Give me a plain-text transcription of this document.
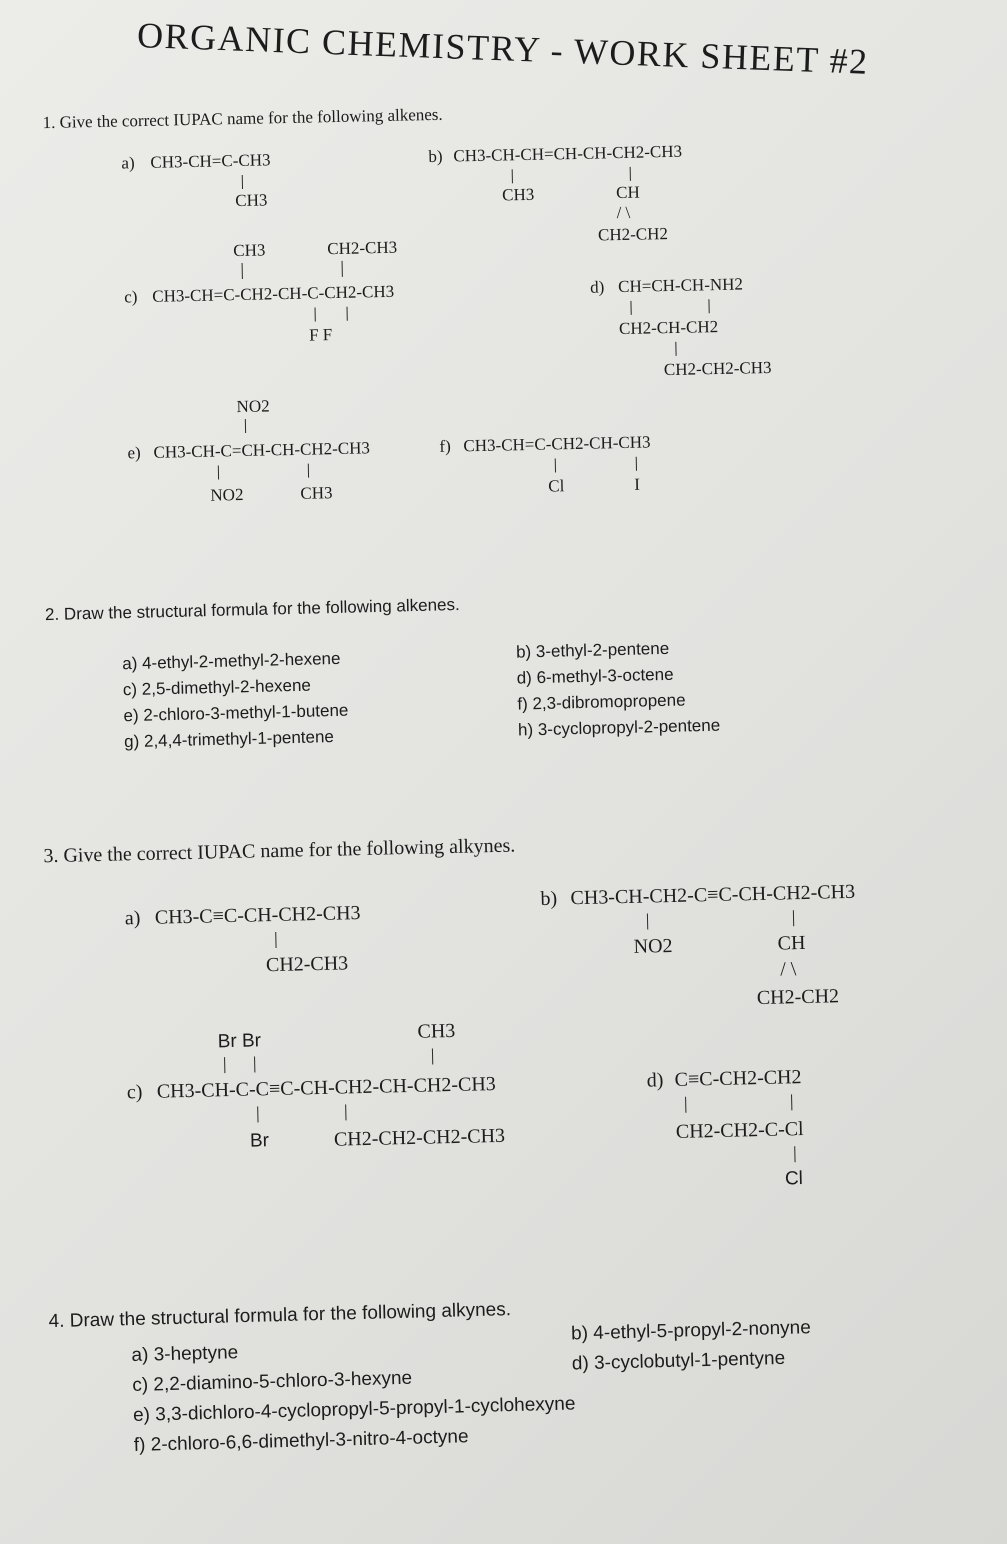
ORGANIC CHEMISTRY - WORK SHEET #2
1. Give the correct IUPAC name for the following alkenes.
a) CH3-CH=C-CH3
CH3
b) CH3-CH-CH=CH-CH-CH2-CH3
CH3	CH
/ \
CH2-CH2
CH3	CH2-CH3
c) CH3-CH=C-CH2-CH-C-CH2-CH3
F F
d) CH=CH-CH-NH2
CH2-CH-CH2
CH2-CH2-CH3
NO2
e) CH3-CH-C=CH-CH-CH2-CH3
NO2	CH3
f) CH3-CH=C-CH2-CH-CH3
Cl	I
2. Draw the structural formula for the following alkenes.
a) 4-ethyl-2-methyl-2-hexene
c) 2,5-dimethyl-2-hexene
e) 2-chloro-3-methyl-1-butene
g) 2,4,4-trimethyl-1-pentene
b) 3-ethyl-2-pentene
d) 6-methyl-3-octene
f) 2,3-dibromopropene
h) 3-cyclopropyl-2-pentene
3. Give the correct IUPAC name for the following alkynes.
a) CH3-C≡C-CH-CH2-CH3
CH2-CH3
b) CH3-CH-CH2-C≡C-CH-CH2-CH3
NO2	CH
/ \
CH2-CH2
Br Br	CH3
c) CH3-CH-C-C≡C-CH-CH2-CH-CH2-CH3
Br	CH2-CH2-CH2-CH3
d) C≡C-CH2-CH2
CH2-CH2-C-Cl
Cl
4. Draw the structural formula for the following alkynes.
a) 3-heptyne
c) 2,2-diamino-5-chloro-3-hexyne
e) 3,3-dichloro-4-cyclopropyl-5-propyl-1-cyclohexyne
f) 2-chloro-6,6-dimethyl-3-nitro-4-octyne
b) 4-ethyl-5-propyl-2-nonyne
d) 3-cyclobutyl-1-pentyne
